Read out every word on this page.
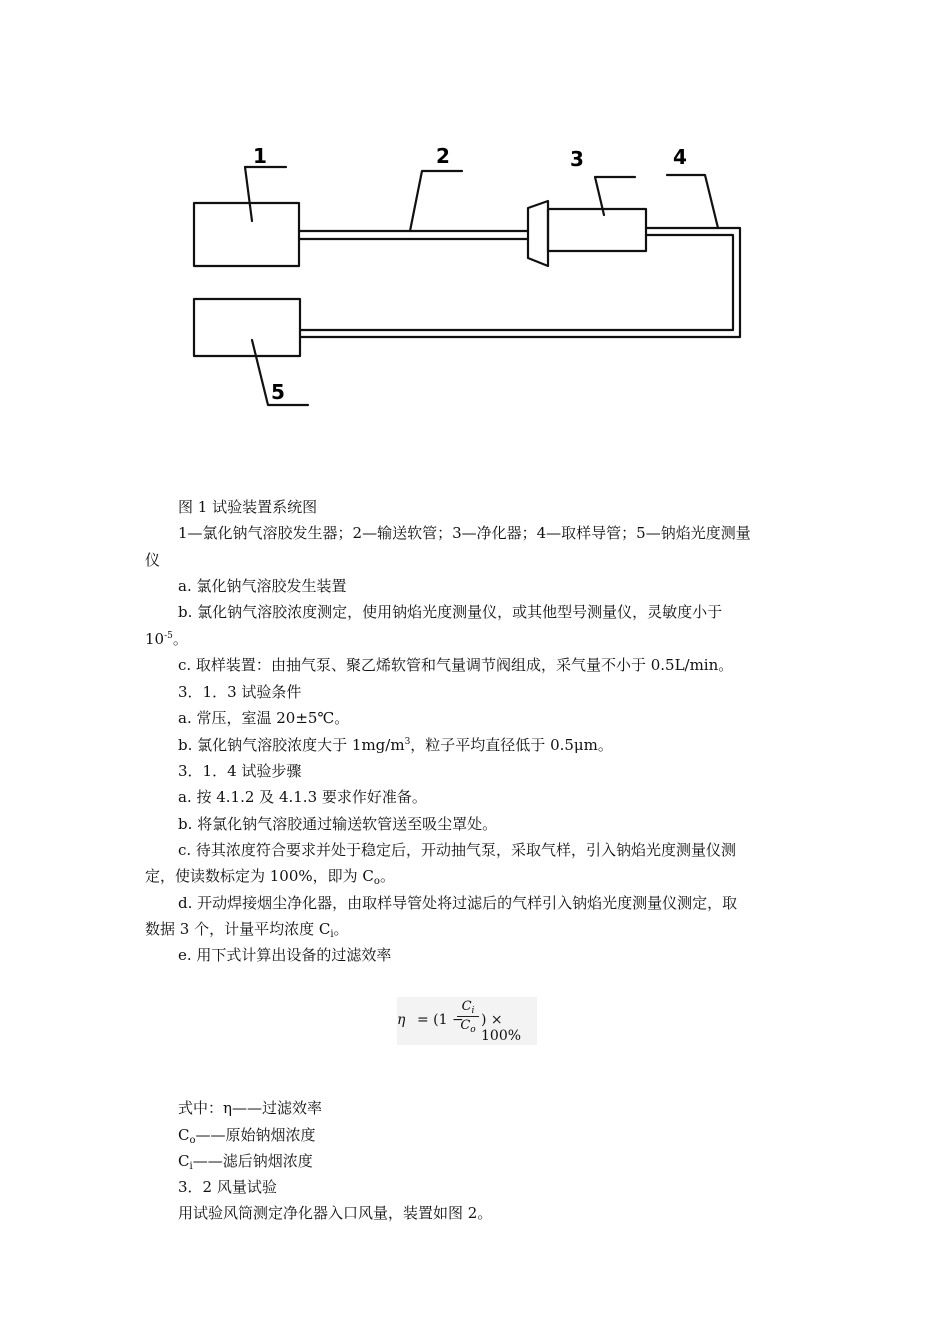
1	2	3	4
5
图 1 试验装置系统图
1—氯化钠气溶胶发生器；2—输送软管；3—净化器；4—取样导管；5—钠焰光度测量
仪
a. 氯化钠气溶胶发生装置
b. 氯化钠气溶胶浓度测定，使用钠焰光度测量仪，或其他型号测量仪，灵敏度小于
$10^{-5}$。
c. 取样装置：由抽气泵、聚乙烯软管和气量调节阀组成，采气量不小于 0.5L/min。
3．1．3 试验条件
a. 常压，室温 20±5℃。
b. 氯化钠气溶胶浓度大于 $1mg/m^3$，粒子平均直径低于 0.5μm。
3．1．4 试验步骤
a. 按 4.1.2 及 4.1.3 要求作好准备。
b. 将氯化钠气溶胶通过输送软管送至吸尘罩处。
c. 待其浓度符合要求并处于稳定后，开动抽气泵，采取气样，引入钠焰光度测量仪测
定，使读数标定为 100%，即为 $C_o$。
d. 开动焊接烟尘净化器，由取样导管处将过滤后的气样引入钠焰光度测量仪测定，取
数据 3 个，计量平均浓度 $C_i$。
e. 用下式计算出设备的过滤效率
η = (1 −
$C_i$
$C_o$
) × 100%
式中：η——过滤效率
$C_o——$原始钠烟浓度
$C_i——$滤后钠烟浓度
3．2 风量试验
用试验风筒测定净化器入口风量，装置如图 2。
